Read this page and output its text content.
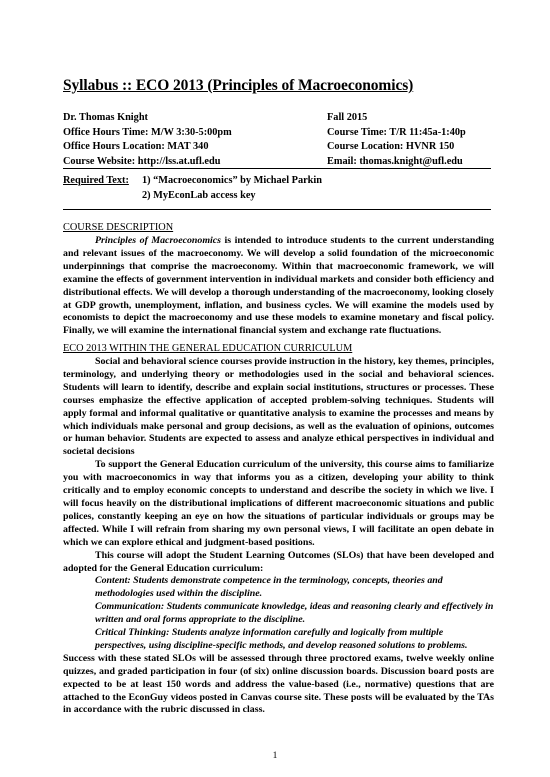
Syllabus :: ECO 2013 (Principles of Macroeconomics)
Dr. Thomas Knight	Fall 2015
Office Hours Time: M/W 3:30-5:00pm	Course Time: T/R 11:45a-1:40p
Office Hours Location: MAT 340	Course Location: HVNR 150
Course Website: http://lss.at.ufl.edu	Email: thomas.knight@ufl.edu
Required Text:	1) “Macroeconomics” by Michael Parkin
2) MyEconLab access key
COURSE DESCRIPTION

Principles of Macroeconomics is intended to introduce students to the current understanding and relevant issues of the macroeconomy. We will develop a solid foundation of the microeconomic underpinnings that comprise the macroeconomy. Within that macroeconomic framework, we will examine the effects of government intervention in individual markets and consider both efficiency and distributional effects. We will develop a thorough understanding of the macroeconomy, looking closely at GDP growth, unemployment, inflation, and business cycles. We will examine the models used by economists to depict the macroeconomy and use these models to examine monetary and fiscal policy. Finally, we will examine the international financial system and exchange rate fluctuations.

ECO 2013 WITHIN THE GENERAL EDUCATION CURRICULUM

Social and behavioral science courses provide instruction in the history, key themes, principles, terminology, and underlying theory or methodologies used in the social and behavioral sciences. Students will learn to identify, describe and explain social institutions, structures or processes. These courses emphasize the effective application of accepted problem-solving techniques. Students will apply formal and informal qualitative or quantitative analysis to examine the processes and means by which individuals make personal and group decisions, as well as the evaluation of opinions, outcomes or human behavior. Students are expected to assess and analyze ethical perspectives in individual and societal decisions

To support the General Education curriculum of the university, this course aims to familiarize you with macroeconomics in way that informs you as a citizen, developing your ability to think critically and to employ economic concepts to understand and describe the society in which we live. I will focus heavily on the distributional implications of different macroeconomic situations and public polices, constantly keeping an eye on how the situations of particular individuals or groups may be affected. While I will refrain from sharing my own personal views, I will facilitate an open debate in which we can explore ethical and judgment-based positions.

This course will adopt the Student Learning Outcomes (SLOs) that have been developed and adopted for the General Education curriculum:

Content: Students demonstrate competence in the terminology, concepts, theories and methodologies used within the discipline.

Communication: Students communicate knowledge, ideas and reasoning clearly and effectively in written and oral forms appropriate to the discipline.

Critical Thinking: Students analyze information carefully and logically from multiple perspectives, using discipline-specific methods, and develop reasoned solutions to problems.

Success with these stated SLOs will be assessed through three proctored exams, twelve weekly online quizzes, and graded participation in four (of six) online discussion boards. Discussion board posts are expected to be at least 150 words and address the value-based (i.e., normative) questions that are attached to the EconGuy videos posted in Canvas course site. These posts will be evaluated by the TAs in accordance with the rubric discussed in class.

1
